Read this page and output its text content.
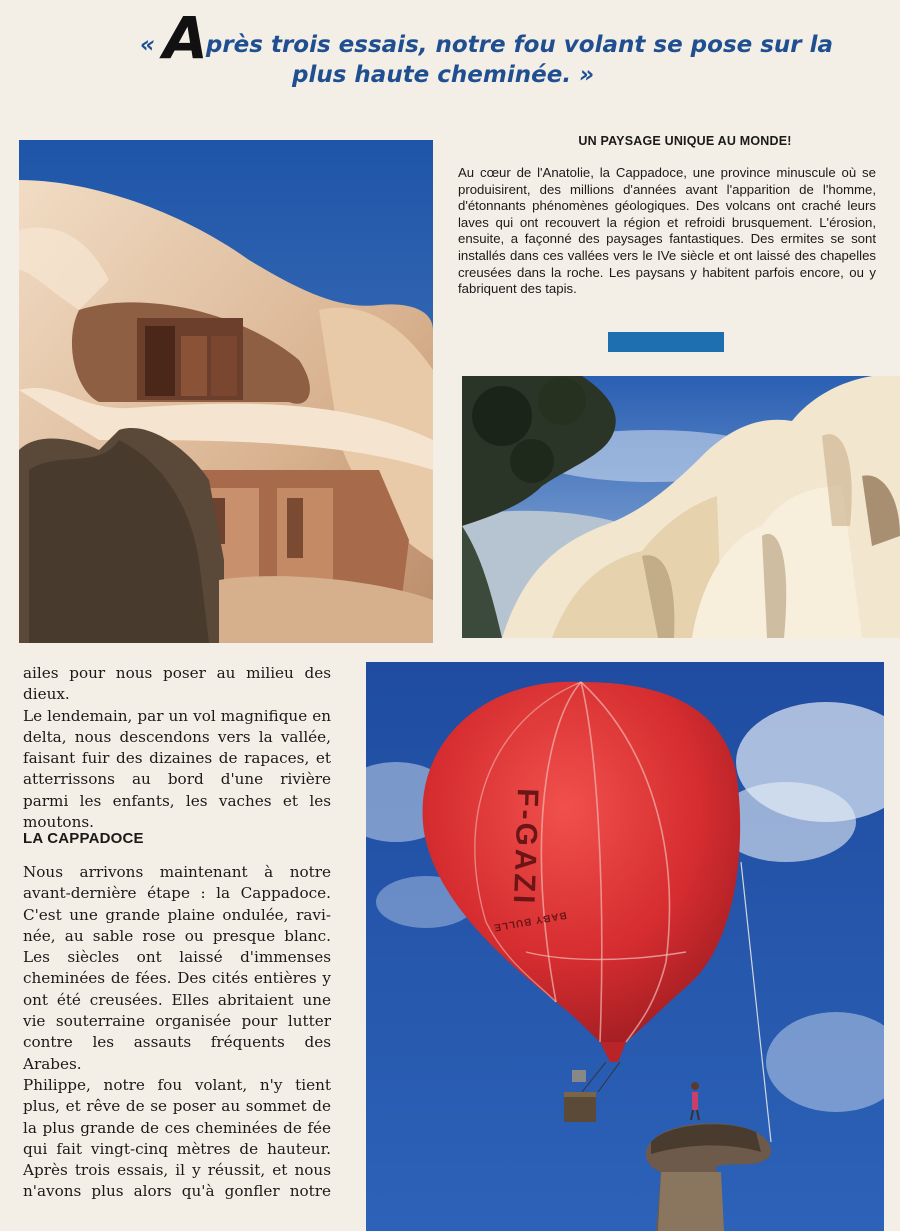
« Après trois essais, notre fou volant se pose sur la
plus haute cheminée. »

UN PAYSAGE UNIQUE AU MONDE!

Au cœur de l'Anatolie, la Cappadoce, une province minuscule où se produisirent, des millions d'années avant l'apparition de l'homme, d'étonnants phénomènes géologiques. Des volcans ont craché leurs laves qui ont recouvert la région et refroidi brusquement. L'érosion, ensuite, a façonné des paysages fantastiques. Des ermites se sont installés dans ces vallées vers le IVe siècle et ont laissé des chapelles creusées dans la roche. Les paysans y habitent parfois encore, ou y fabriquent des tapis.

ailes pour nous poser au milieu des dieux.

Le lendemain, par un vol magnifique en delta, nous descendons vers la vallée, faisant fuir des dizaines de rapaces, et atterrissons au bord d'une rivière parmi les enfants, les vaches et les moutons.

LA CAPPADOCE

Nous arrivons maintenant à notre avant-dernière étape : la Cappadoce. C'est une grande plaine ondulée, ravinée, au sable rose ou presque blanc. Les siècles ont laissé d'immenses cheminées de fées. Des cités entières y ont été creusées. Elles abritaient une vie souterraine organisée pour lutter contre les assauts fréquents des Arabes.

Philippe, notre fou volant, n'y tient plus, et rêve de se poser au sommet de la plus grande de ces cheminées de fée qui fait vingt-cinq mètres de hauteur. Après trois essais, il y réussit, et nous n'avons plus alors qu'à gonfler notre

F-GAZI
BABY BULLE
